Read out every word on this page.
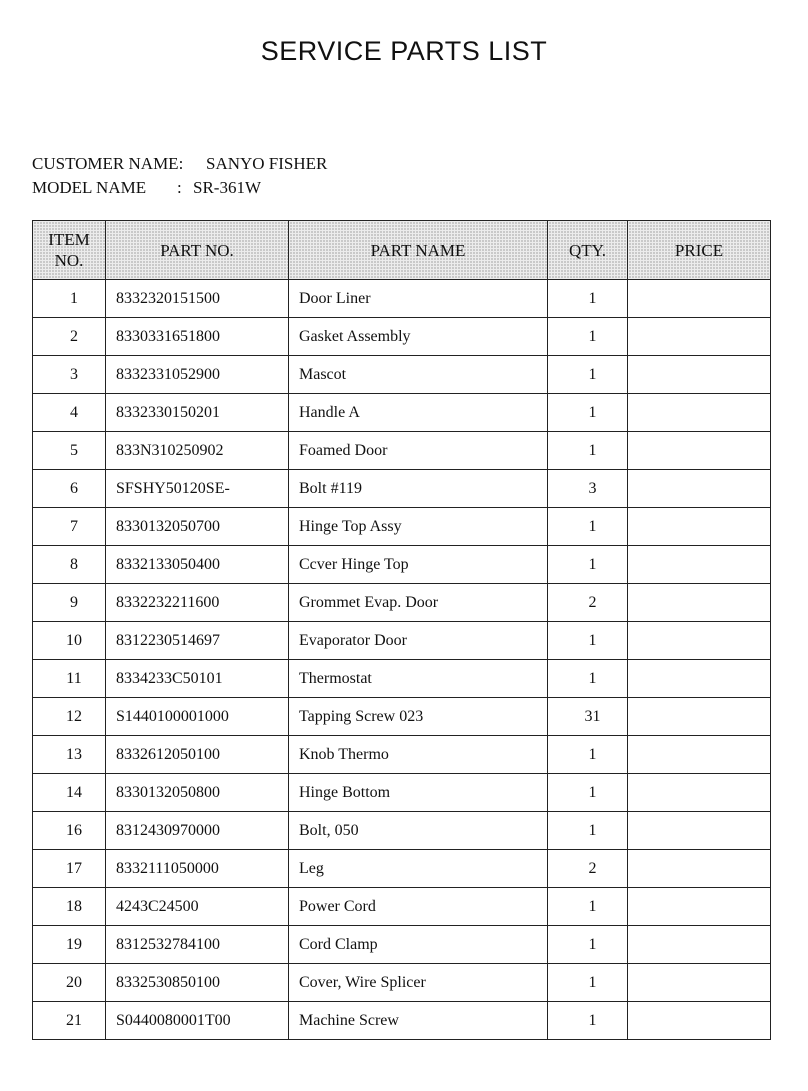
SERVICE PARTS LIST
CUSTOMER NAME: SANYO FISHER
MODEL NAME : SR-361W
ITEM
NO.	PART NO.	PART NAME	QTY.	PRICE
1	8332320151500	Door Liner	1	
2	8330331651800	Gasket Assembly	1	
3	8332331052900	Mascot	1	
4	8332330150201	Handle A	1	
5	833N310250902	Foamed Door	1	
6	SFSHY50120SE-	Bolt #119	3	
7	8330132050700	Hinge Top Assy	1	
8	8332133050400	Ccver Hinge Top	1	
9	8332232211600	Grommet Evap. Door	2	
10	8312230514697	Evaporator Door	1	
11	8334233C50101	Thermostat	1	
12	S1440100001000	Tapping Screw 023	31	
13	8332612050100	Knob Thermo	1	
14	8330132050800	Hinge Bottom	1	
16	8312430970000	Bolt, 050	1	
17	8332111050000	Leg	2	
18	4243C24500	Power Cord	1	
19	8312532784100	Cord Clamp	1	
20	8332530850100	Cover, Wire Splicer	1	
21	S0440080001T00	Machine Screw	1	
